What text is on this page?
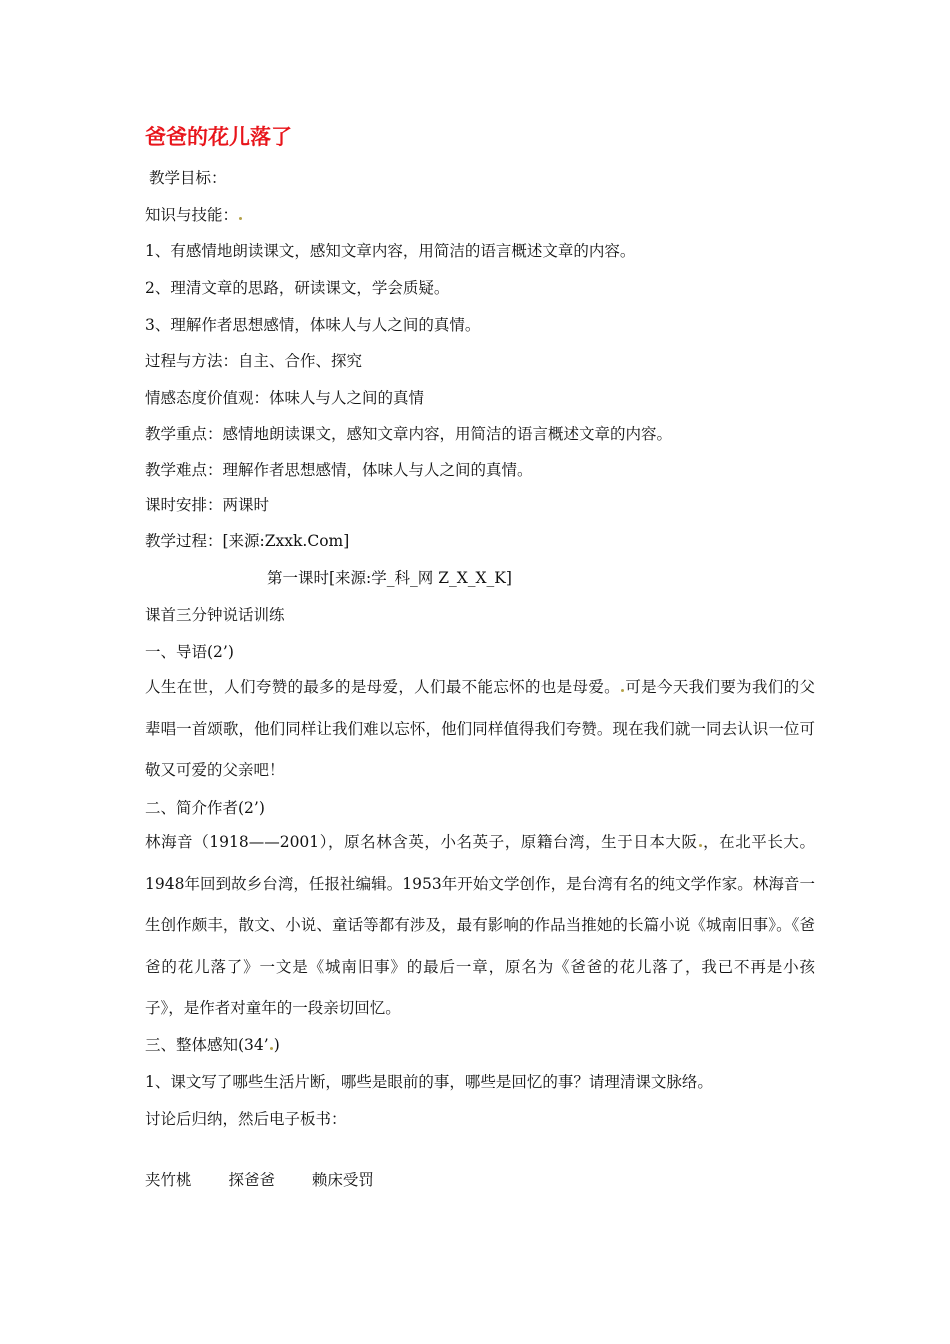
爸爸的花儿落了
教学目标：
知识与技能：
1、有感情地朗读课文，感知文章内容，用简洁的语言概述文章的内容。
2、理清文章的思路，研读课文，学会质疑。
3、理解作者思想感情，体味人与人之间的真情。
过程与方法：自主、合作、探究
情感态度价值观：体味人与人之间的真情
教学重点：感情地朗读课文，感知文章内容，用简洁的语言概述文章的内容。
教学难点：理解作者思想感情，体味人与人之间的真情。
课时安排：两课时
教学过程：[来源:Zxxk.Com]
第一课时[来源:学_科_网 Z_X_X_K]
课首三分钟说话训练
一、导语(2’)
人生在世，人们夸赞的最多的是母爱，人们最不能忘怀的也是母爱。 可是今天我们要为我们的父辈唱一首颂歌，他们同样让我们难以忘怀，他们同样值得我们夸赞。现在我们就一同去认识一位可敬又可爱的父亲吧！
二、简介作者(2’)
林海音（1918——2001），原名林含英，小名英子，原籍台湾，生于日本大阪 ，在北平长大。1948年回到故乡台湾，任报社编辑。1953年开始文学创作，是台湾有名的纯文学作家。林海音一生创作颇丰，散文、小说、童话等都有涉及，最有影响的作品当推她的长篇小说《城南旧事》。《爸爸的花儿落了》一文是《城南旧事》的最后一章，原名为《爸爸的花儿落了，我已不再是小孩子》，是作者对童年的一段亲切回忆。
三、整体感知(34’ )
1、课文写了哪些生活片断，哪些是眼前的事，哪些是回忆的事？请理清课文脉络。
讨论后归纳，然后电子板书：
夹竹桃 探爸爸 赖床受罚
